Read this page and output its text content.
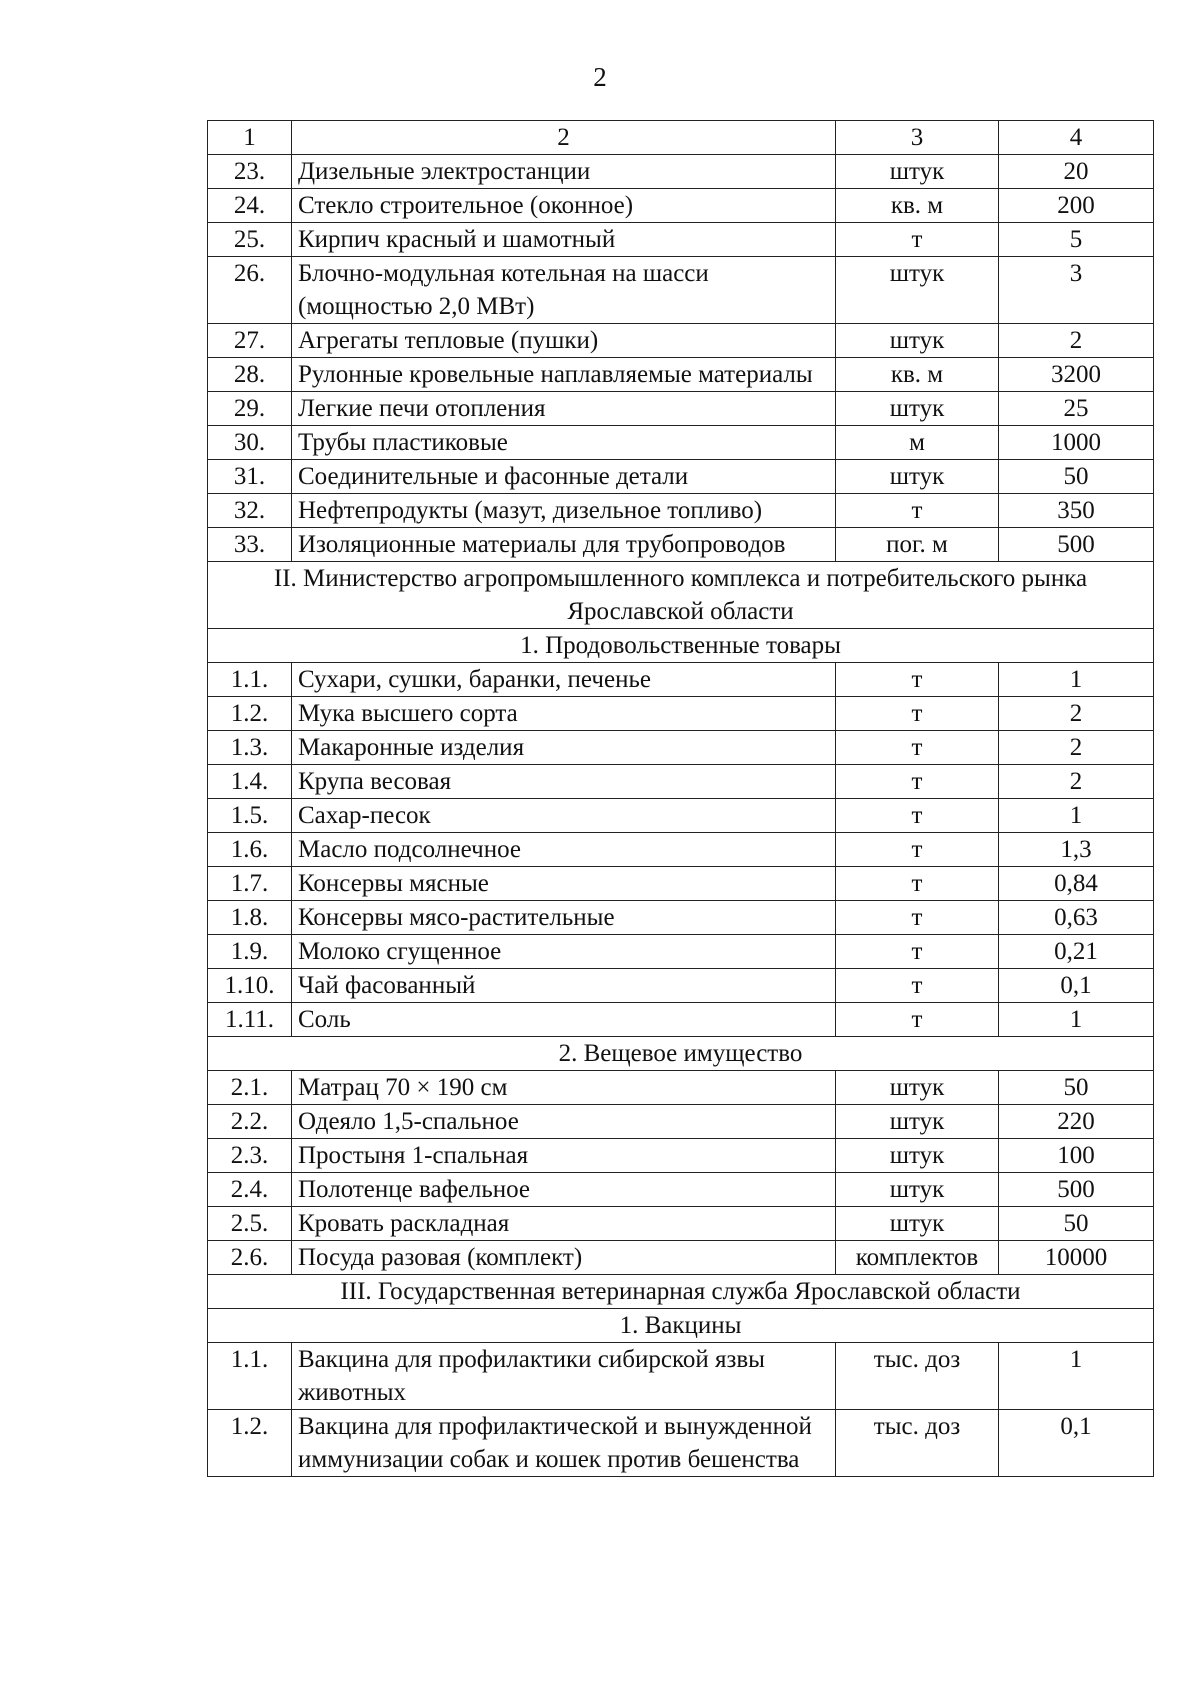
2
1	2	3	4
23.	Дизельные электростанции	штук	20
24.	Стекло строительное (оконное)	кв. м	200
25.	Кирпич красный и шамотный	т	5
26.	Блочно-модульная котельная на шасси (мощностью 2,0 МВт)	штук	3
27.	Агрегаты тепловые (пушки)	штук	2
28.	Рулонные кровельные наплавляемые материалы	кв. м	3200
29.	Легкие печи отопления	штук	25
30.	Трубы пластиковые	м	1000
31.	Соединительные и фасонные детали	штук	50
32.	Нефтепродукты (мазут, дизельное топливо)	т	350
33.	Изоляционные материалы для трубопроводов	пог. м	500
II. Министерство агропромышленного комплекса и потребительского рынка Ярославской области			
1. Продовольственные товары			
1.1.	Сухари, сушки, баранки, печенье	т	1
1.2.	Мука высшего сорта	т	2
1.3.	Макаронные изделия	т	2
1.4.	Крупа весовая	т	2
1.5.	Сахар-песок	т	1
1.6.	Масло подсолнечное	т	1,3
1.7.	Консервы мясные	т	0,84
1.8.	Консервы мясо-растительные	т	0,63
1.9.	Молоко сгущенное	т	0,21
1.10.	Чай фасованный	т	0,1
1.11.	Соль	т	1
2. Вещевое имущество			
2.1.	Матрац 70 × 190 см	штук	50
2.2.	Одеяло 1,5-спальное	штук	220
2.3.	Простыня 1-спальная	штук	100
2.4.	Полотенце вафельное	штук	500
2.5.	Кровать раскладная	штук	50
2.6.	Посуда разовая (комплект)	комплектов	10000
III. Государственная ветеринарная служба Ярославской области			
1. Вакцины			
1.1.	Вакцина для профилактики сибирской язвы животных	тыс. доз	1
1.2.	Вакцина для профилактической и вынужденной иммунизации собак и кошек против бешенства	тыс. доз	0,1
